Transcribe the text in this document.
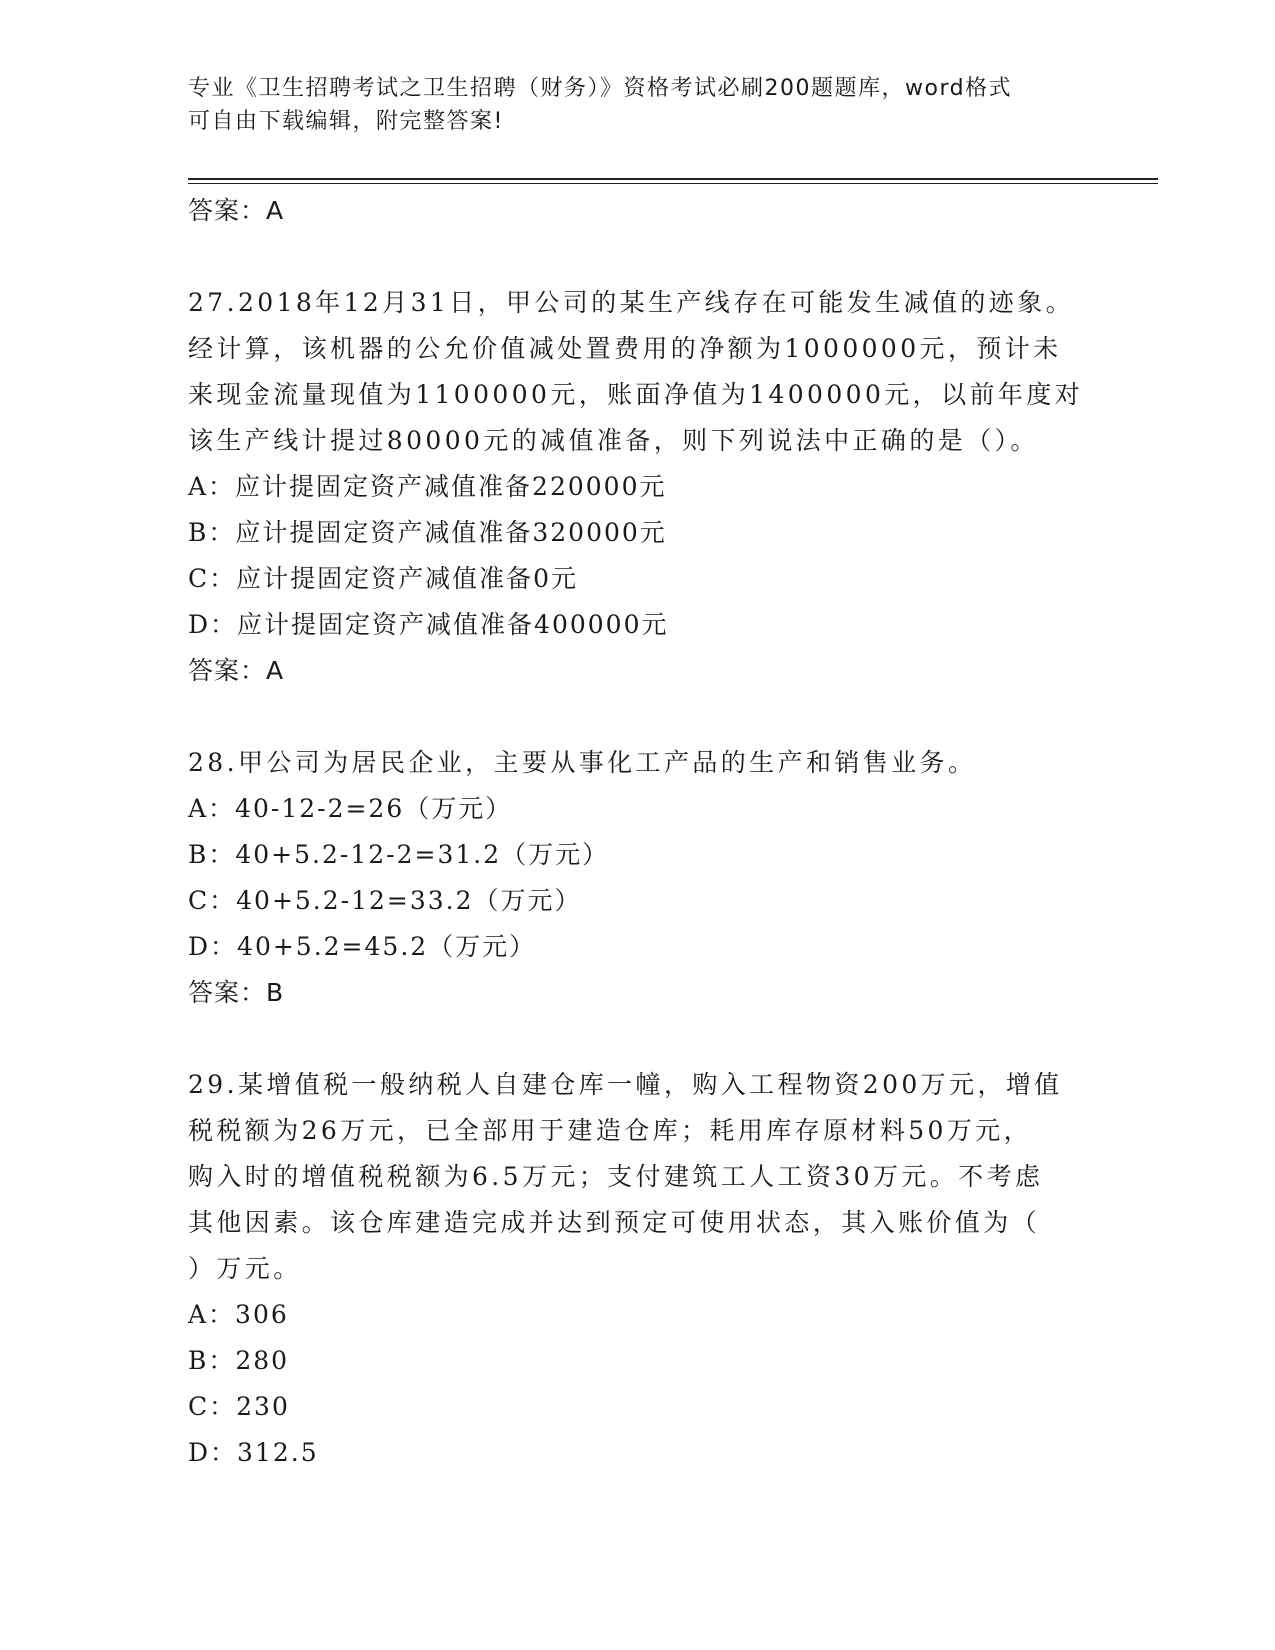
专业《卫生招聘考试之卫生招聘（财务）》资格考试必刷200题题库，word格式
可自由下载编辑，附完整答案!
答案：A
27.2018年12月31日，甲公司的某生产线存在可能发生减值的迹象。
经计算，该机器的公允价值减处置费用的净额为1000000元，预计未
来现金流量现值为1100000元，账面净值为1400000元，以前年度对
该生产线计提过80000元的减值准备，则下列说法中正确的是（）。
A：应计提固定资产减值准备220000元
B：应计提固定资产减值准备320000元
C：应计提固定资产减值准备0元
D：应计提固定资产减值准备400000元
答案：A
28.甲公司为居民企业，主要从事化工产品的生产和销售业务。
A：40-12-2=26（万元）
B：40+5.2-12-2=31.2（万元）
C：40+5.2-12=33.2（万元）
D：40+5.2=45.2（万元）
答案：B
29.某增值税一般纳税人自建仓库一幢，购入工程物资200万元，增值
税税额为26万元，已全部用于建造仓库；耗用库存原材料50万元，
购入时的增值税税额为6.5万元；支付建筑工人工资30万元。不考虑
其他因素。该仓库建造完成并达到预定可使用状态，其入账价值为（
）万元。
A：306
B：280
C：230
D：312.5
